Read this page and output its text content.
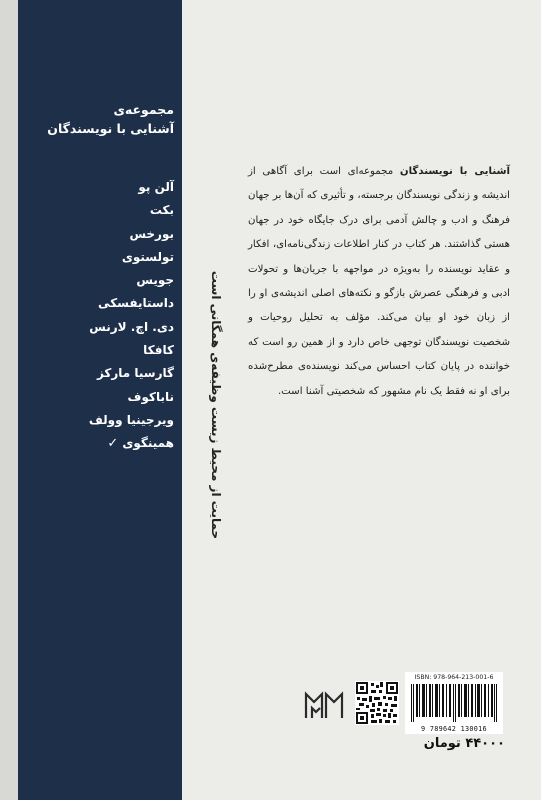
مجموعه‌ی
آشنایی با نویسندگان
آلن پو
بکت
بورخس
تولستوی
جویس
داستایفسکی
دی. اچ. لارنس
کافکا
گارسیا مارکز
ناباکوف
ویرجینیا وولف
همینگوی✓	حمایت از محیط زیست وظیفه‌ی همگانی است

آشنایی با نویسندگان مجموعه‌ای است برای آگاهی از اندیشه و زندگی نویسندگان برجسته، و تأثیری که آن‌ها بر جهان فرهنگ و ادب و چالش آدمی برای درک جایگاه خود در جهان هستی گذاشتند. هر کتاب در کنار اطلاعات زندگی‌نامه‌ای، افکار و عقاید نویسنده را به‌ویژه در مواجهه با جریان‌ها و تحولات ادبی و فرهنگی عصرش بازگو و نکته‌های اصلی اندیشه‌ی او را از زبان خود او بیان می‌کند. مؤلف به تحلیل روحیات و شخصیت نویسندگان توجهی خاص دارد و از همین رو است که خواننده در پایان کتاب احساس می‌کند نویسنده‌ی مطرح‌شده برای او نه فقط یک نام مشهور که شخصیتی آشنا است.

ISBN: 978-964-213-001-6
9 789642 130016
۴۴۰۰۰ تومان
